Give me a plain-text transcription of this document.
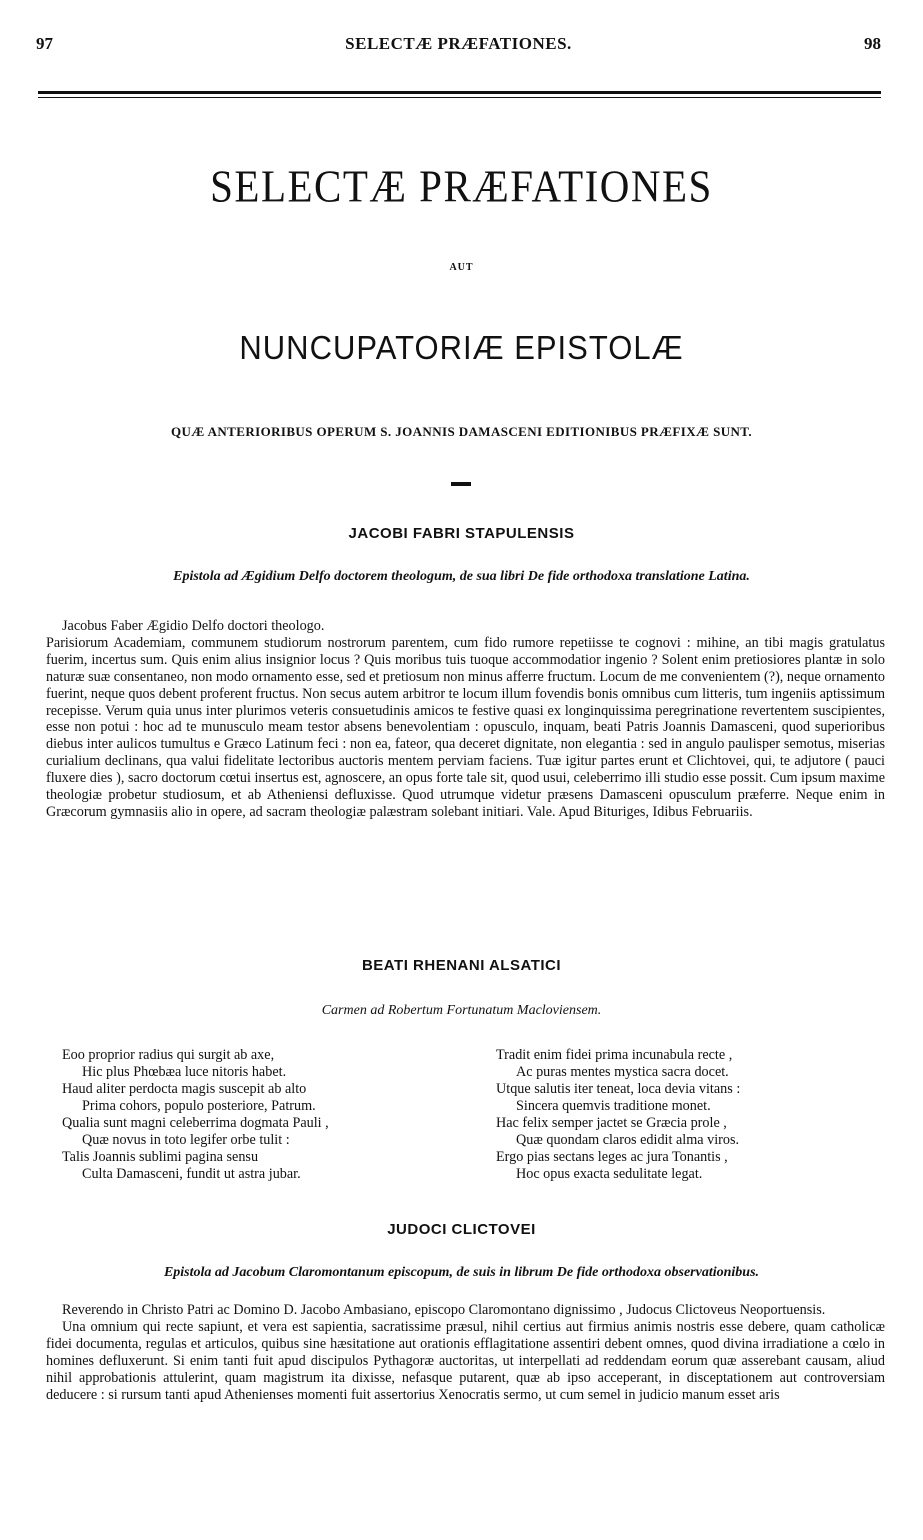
97	SELECTÆ PRÆFATIONES.	98
SELECTÆ PRÆFATIONES
AUT
NUNCUPATORIÆ EPISTOLÆ
QUÆ ANTERIORIBUS OPERUM S. JOANNIS DAMASCENI EDITIONIBUS PRÆFIXÆ SUNT.
JACOBI FABRI STAPULENSIS
Epistola ad Ægidium Delfo doctorem theologum, de sua libri De fide orthodoxa translatione Latina.

Jacobus Faber Ægidio Delfo doctori theologo.

Parisiorum Academiam, communem studiorum nostrorum parentem, cum fido rumore repetiisse te cognovi : mihine, an tibi magis gratulatus fuerim, incertus sum. Quis enim alius insignior locus ? Quis moribus tuis tuoque accommodatior ingenio ? Solent enim pretiosiores plantæ in solo naturæ suæ consentaneo, non modo ornamento esse, sed et pretiosum non minus afferre fructum. Locum de me convenientem (?), neque ornamento fuerint, neque quos debent proferent fructus. Non secus autem arbitror te locum illum fovendis bonis omnibus cum litteris, tum ingeniis aptissimum recepisse. Verum quia unus inter plurimos veteris consuetudinis amicos te festive quasi ex longinquissima peregrinatione revertentem suscipientes, esse non potui : hoc ad te munusculo meam testor absens benevolentiam : opusculo, inquam, beati Patris Joannis Damasceni, quod superioribus diebus inter aulicos tumultus e Græco Latinum feci : non ea, fateor, qua deceret dignitate, non elegantia : sed in angulo paulisper semotus, miserias curialium declinans, qua valui fidelitate lectoribus auctoris mentem perviam faciens. Tuæ igitur partes erunt et Clichtovei, qui, te adjutore ( pauci fluxere dies ), sacro doctorum cœtui insertus est, agnoscere, an opus forte tale sit, quod usui, celeberrimo illi studio esse possit. Cum ipsum maxime theologiæ probetur studiosum, et ab Atheniensi defluxisse. Quod utrumque videtur præsens Damasceni opusculum præferre. Neque enim in Græcorum gymnasiis alio in opere, ad sacram theologiæ palæstram solebant initiari. Vale. Apud Bituriges, Idibus Februariis.

BEATI RHENANI ALSATICI
Carmen ad Robertum Fortunatum Macloviensem.
Eoo proprior radius qui surgit ab axe,
Hic plus Phœbæa luce nitoris habet.
Haud aliter perdocta magis suscepit ab alto
Prima cohors, populo posteriore, Patrum.
Qualia sunt magni celeberrima dogmata Pauli ,
Quæ novus in toto legifer orbe tulit :
Talis Joannis sublimi pagina sensu
Culta Damasceni, fundit ut astra jubar.
Tradit enim fidei prima incunabula recte ,
Ac puras mentes mystica sacra docet.
Utque salutis iter teneat, loca devia vitans :
Sincera quemvis traditione monet.
Hac felix semper jactet se Græcia prole ,
Quæ quondam claros edidit alma viros.
Ergo pias sectans leges ac jura Tonantis ,
Hoc opus exacta sedulitate legat.
JUDOCI CLICTOVEI
Epistola ad Jacobum Claromontanum episcopum, de suis in librum De fide orthodoxa observationibus.

Reverendo in Christo Patri ac Domino D. Jacobo Ambasiano, episcopo Claromontano dignissimo , Judocus Clictoveus Neoportuensis.

Una omnium qui recte sapiunt, et vera est sapientia, sacratissime præsul, nihil certius aut firmius animis nostris esse debere, quam catholicæ fidei documenta, regulas et articulos, quibus sine hæsitatione aut orationis efflagitatione assentiri debent omnes, quod divina irradiatione a cœlo in homines defluxerunt. Si enim tanti fuit apud discipulos Pythagoræ auctoritas, ut interpellati ad reddendam eorum quæ asserebant causam, aliud nihil approbationis attulerint, quam magistrum ita dixisse, nefasque putarent, quæ ab ipso acceperant, in disceptationem aut controversiam deducere : si rursum tanti apud Athenienses momenti fuit assertorius Xenocratis sermo, ut cum semel in judicio manum esset aris
